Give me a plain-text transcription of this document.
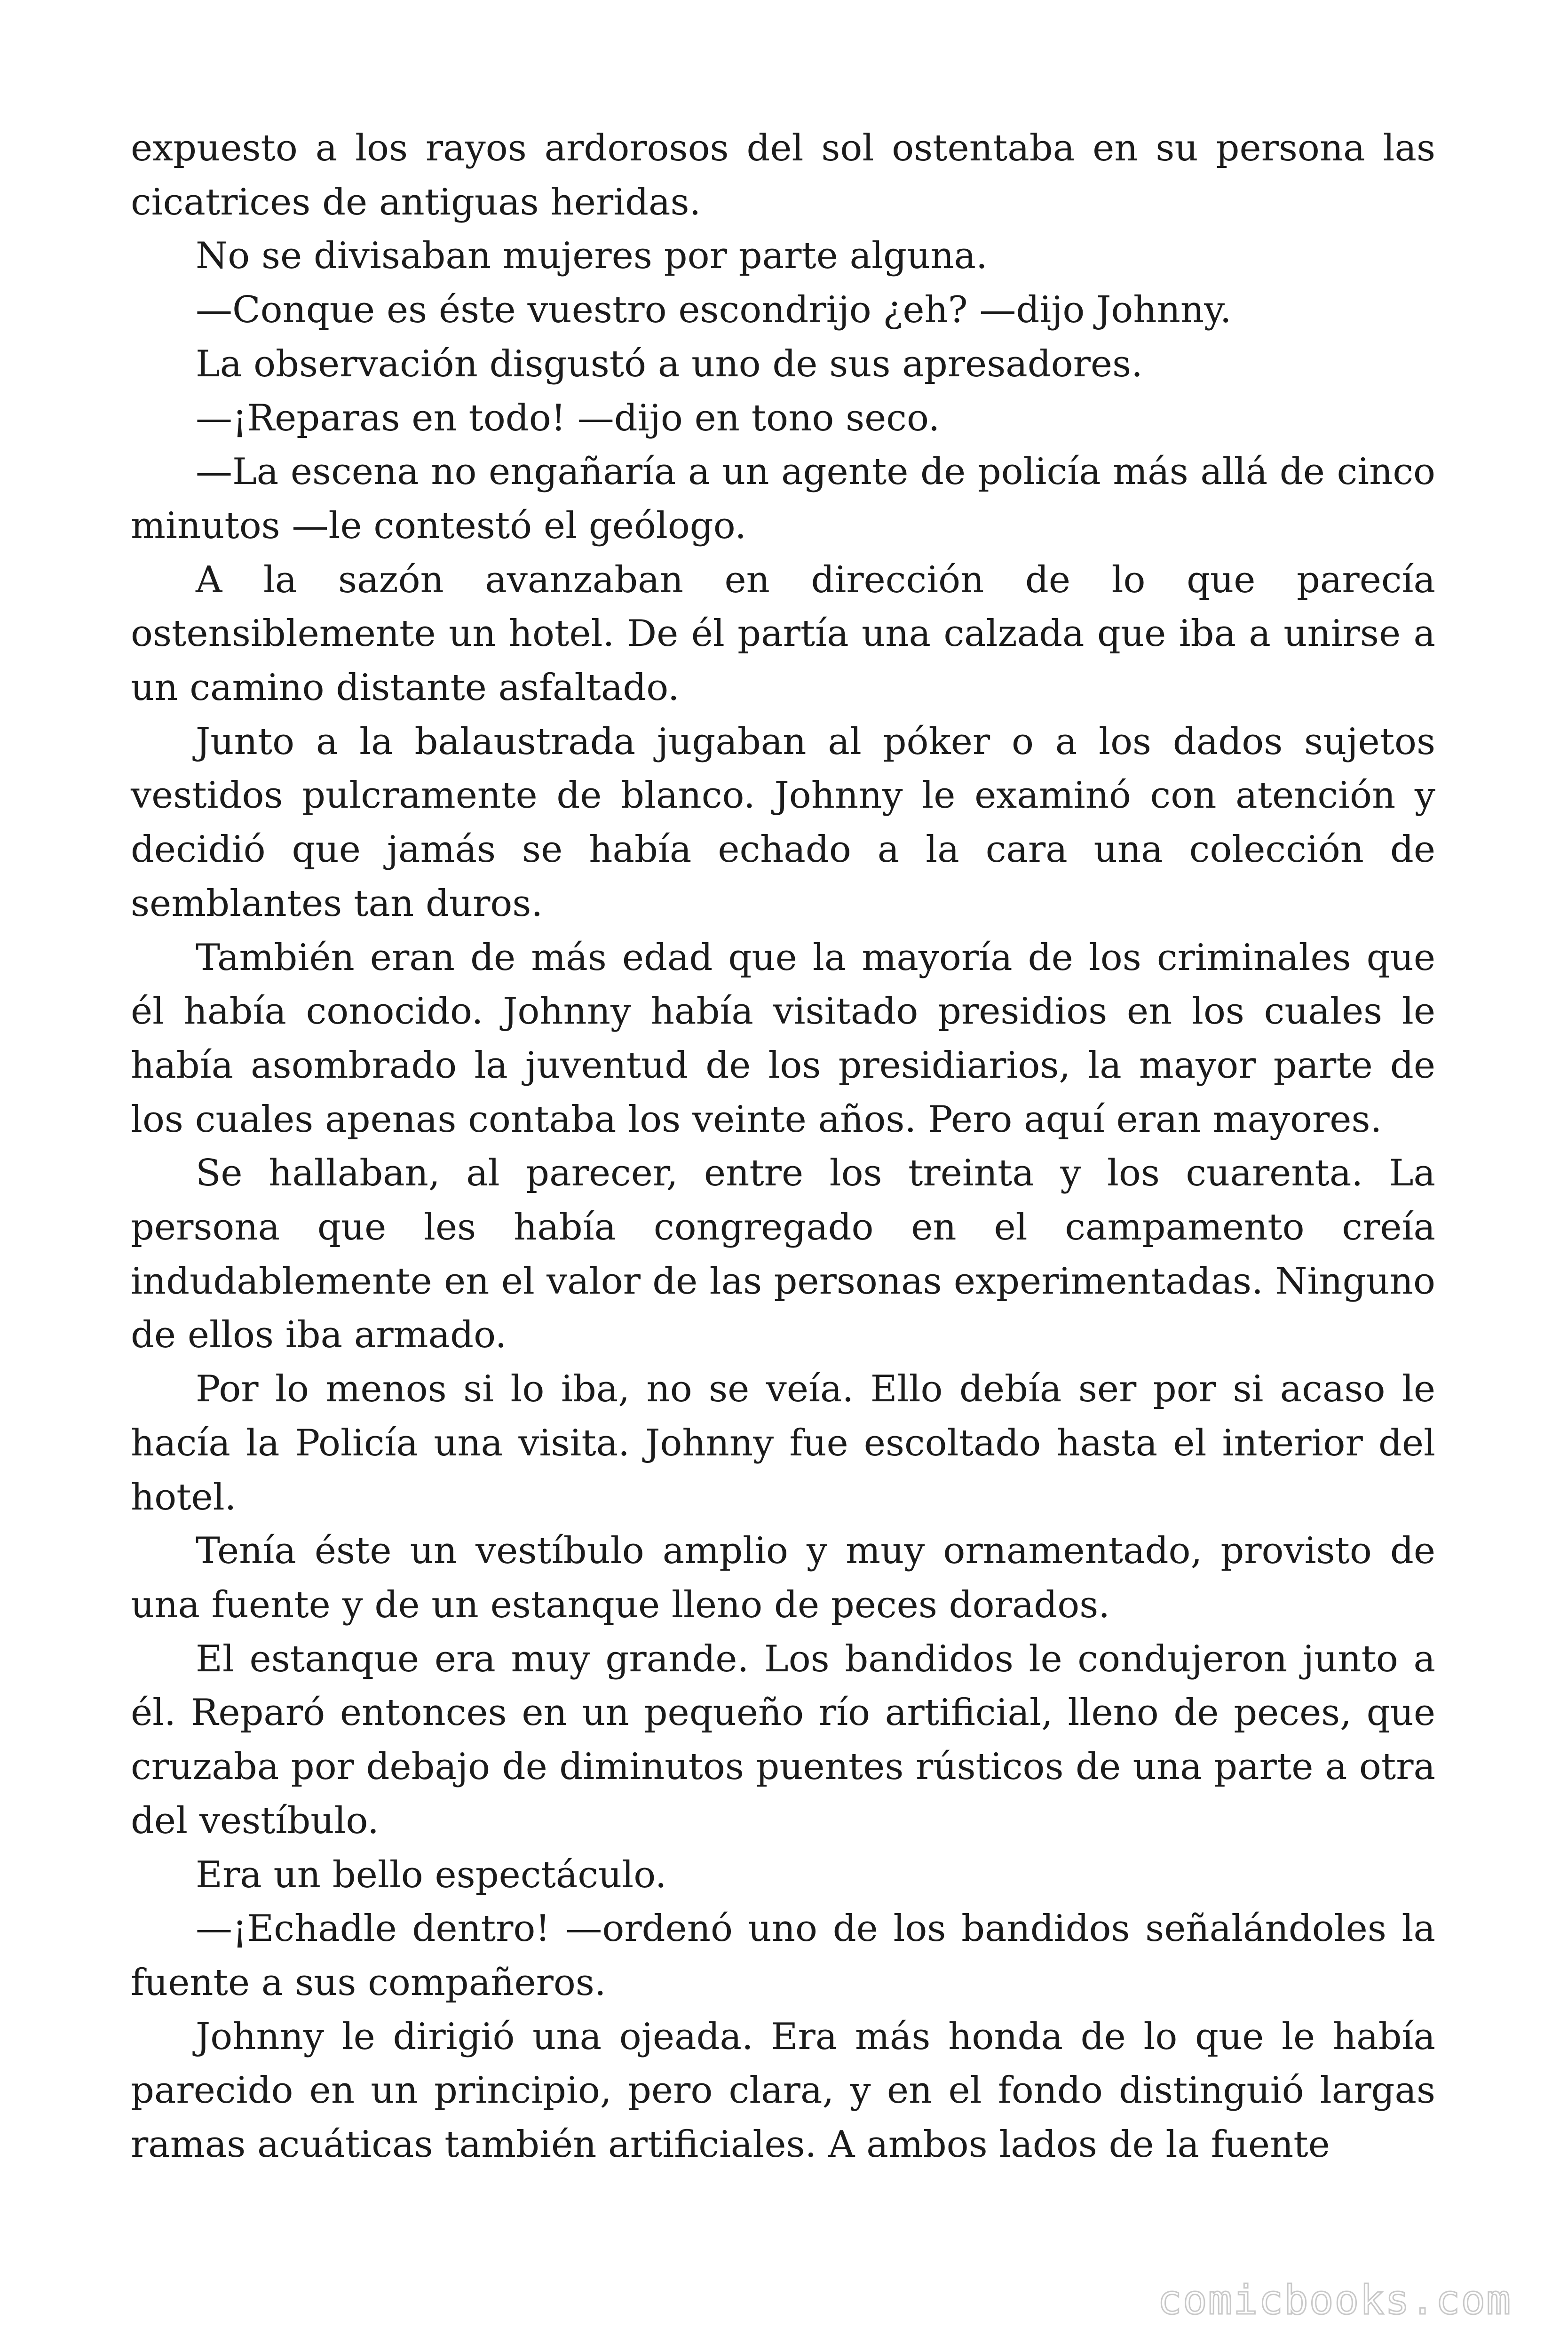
expuesto a los rayos ardorosos del sol ostentaba en su persona las cicatrices de antiguas heridas.

No se divisaban mujeres por parte alguna.

—Conque es éste vuestro escondrijo ¿eh? —dijo Johnny.

La observación disgustó a uno de sus apresadores.

—¡Reparas en todo! —dijo en tono seco.

—La escena no engañaría a un agente de policía más allá de cinco minutos —le contestó el geólogo.

A la sazón avanzaban en dirección de lo que parecía ostensiblemente un hotel. De él partía una calzada que iba a unirse a un camino distante asfaltado.

Junto a la balaustrada jugaban al póker o a los dados sujetos vestidos pulcramente de blanco. Johnny le examinó con atención y decidió que jamás se había echado a la cara una colección de semblantes tan duros.

También eran de más edad que la mayoría de los criminales que él había conocido. Johnny había visitado presidios en los cuales le había asombrado la juventud de los presidiarios, la mayor parte de los cuales apenas contaba los veinte años. Pero aquí eran mayores.

Se hallaban, al parecer, entre los treinta y los cuarenta. La persona que les había congregado en el campamento creía indudablemente en el valor de las personas experimentadas. Ninguno de ellos iba armado.

Por lo menos si lo iba, no se veía. Ello debía ser por si acaso le hacía la Policía una visita. Johnny fue escoltado hasta el interior del hotel.

Tenía éste un vestíbulo amplio y muy ornamentado, provisto de una fuente y de un estanque lleno de peces dorados.

El estanque era muy grande. Los bandidos le condujeron junto a él. Reparó entonces en un pequeño río artificial, lleno de peces, que cruzaba por debajo de diminutos puentes rústicos de una parte a otra del vestíbulo.

Era un bello espectáculo.

—¡Echadle dentro! —ordenó uno de los bandidos señalándoles la fuente a sus compañeros.

Johnny le dirigió una ojeada. Era más honda de lo que le había parecido en un principio, pero clara, y en el fondo distinguió largas ramas acuáticas también artificiales. A ambos lados de la fuente

comicbooks.com
